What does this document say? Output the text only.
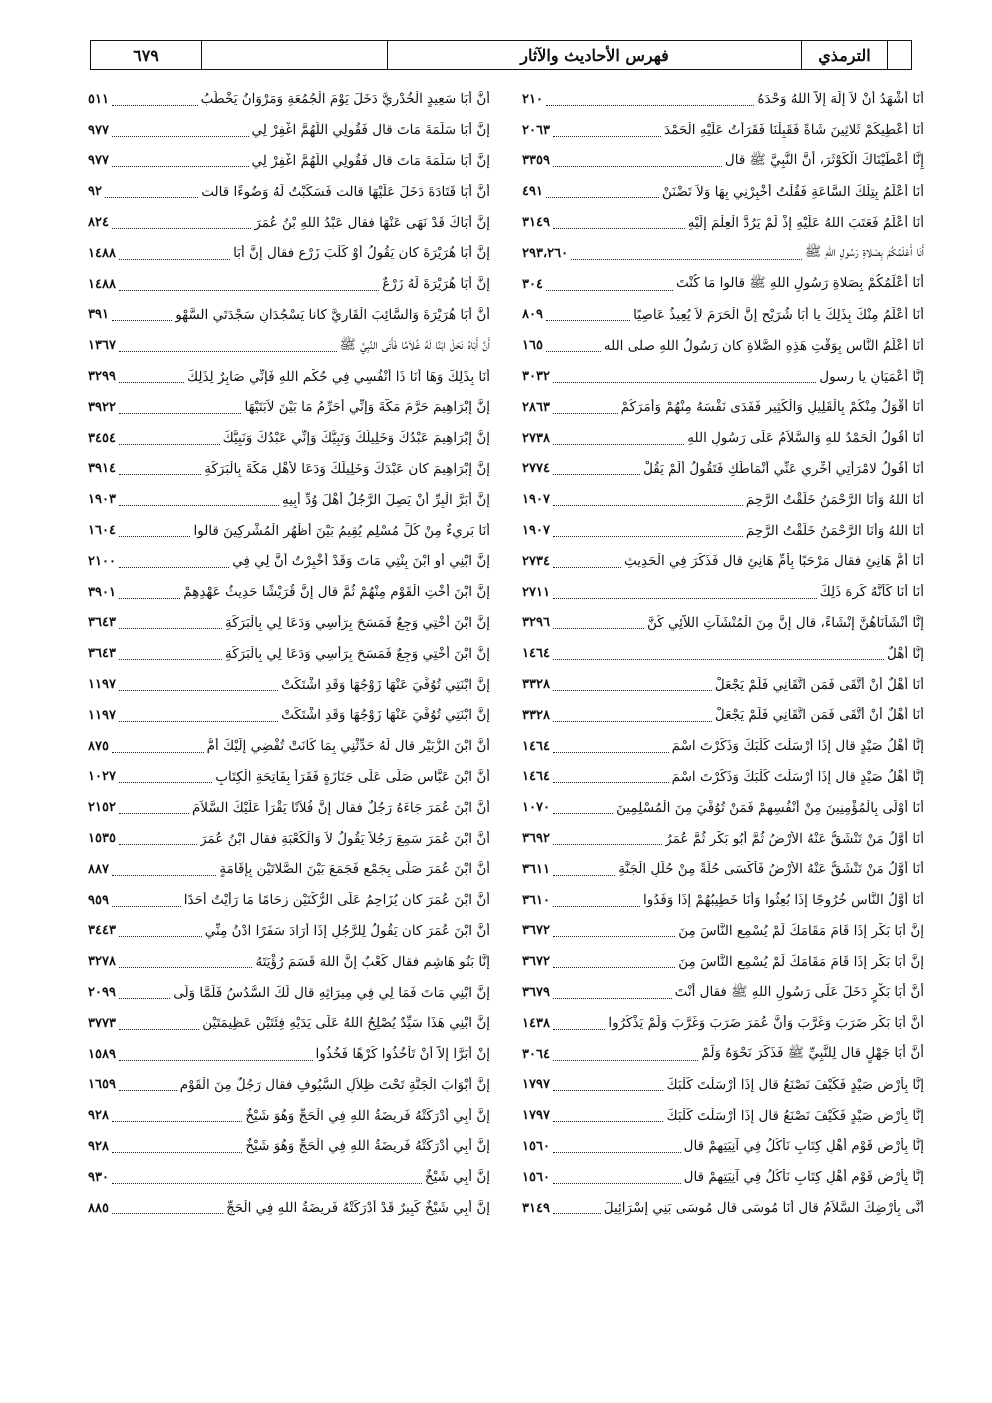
الترمذي
فهرس الأحاديث والآثار
٦٧٩
أَنَا أَشْهَدُ أَنْ لاَ إِلَهَ إِلاَّ اللهُ وَحْدَهُ
٢١٠
أَنَا أُعْطِيكُمْ ثَلاثِينَ شَاةً فَقَبِلْنَا فَقَرَأْتُ عَلَيْهِ الْحَمْدَ
٢٠٦٣
إِنَّا أَعْطَيْنَاكَ الْكَوْثَرَ، أَنَّ النَّبِيَّ ﷺ قال
٣٣٥٩
أَنَا أَعْلَمُ بِتِلْكَ السَّاعَةِ فَقُلْتُ أَخْبِرْنِي بِهَا وَلاَ تَضْنَنْ
٤٩١
أَنَا أَعْلَمُ فَعَتَبَ اللهُ عَلَيْهِ إِذْ لَمْ يَرُدَّ الْعِلْمَ إِلَيْهِ
٣١٤٩
أَنَا أَعْلَمُكُمْ بِصَلاةِ رَسُولِ اللهِ ﷺ
٢٩٣،٢٦٠
أَنَا أَعْلَمُكُمْ بِصَلاةِ رَسُولِ اللهِ ﷺ قالوا مَا كُنْتَ
٣٠٤
أَنَا أَعْلَمُ مِنْكَ بِذَلِكَ يا أَبَا شُرَيْحٍ إِنَّ الْحَرَمَ لاَ يُعِيذُ عَاصِيًا
٨٠٩
أَنَا أَعْلَمُ النَّاسِ بِوَقْتِ هَذِهِ الصَّلاةِ كان رَسُولُ اللهِ صلى الله
١٦٥
إِنَّا أَعْمَيَانِ يا رسول
٣٠٣٢
أَنَا أَقْوَلُ مِنْكُمْ بِالْقَلِيلِ وَالْكَثِيرِ فَفَدَى نَفْسَهُ مِنْهُمْ وَأَمَرَكُمْ
٢٨٦٣
أَنَا أَقُولُ الْحَمْدُ للهِ وَالسَّلاَمُ عَلَى رَسُولِ اللهِ
٢٧٣٨
أَنَا أَقُولُ لامْرَأَتِي أَخِّرِي عَنِّي أَنْمَاطَكِ فَتَقُولُ أَلَمْ يَقُلْ
٢٧٧٤
أَنَا اللهُ وَأَنَا الرَّحْمَنُ خَلَقْتُ الرَّحِمَ
١٩٠٧
أَنَا اللهُ وَأَنَا الرَّحْمَنُ خَلَقْتُ الرَّحِمَ
١٩٠٧
أَنَا أُمُّ هَانِئٍ فقال مَرْحَبًا بِأُمِّ هَانِئٍ قال فَذَكَرَ فِي الْحَدِيثِ
٢٧٣٤
أَنَا أَنَا كَأَنَّهُ كَرِهَ ذَلِكَ
٢٧١١
إِنَّا أَنْشَأْنَاهُنَّ إِنْشَاءً، قال إِنَّ مِنَ الْمُنْشَآتِ اللاَّئِي كُنَّ
٣٢٩٦
إِنَّا أَهْلٌ
١٤٦٤
أَنَا أَهْلٌ أَنْ أُتَّقَى فَمَنِ اتَّقَانِي فَلَمْ يَجْعَلْ
٣٣٢٨
أَنَا أَهْلٌ أَنْ أُتَّقَى فَمَنِ اتَّقَانِي فَلَمْ يَجْعَلْ
٣٣٢٨
إِنَّا أَهْلُ صَيْدٍ قال إِذَا أَرْسَلْتَ كَلْبَكَ وَذَكَرْتَ اسْمَ
١٤٦٤
إِنَّا أَهْلُ صَيْدٍ قال إِذَا أَرْسَلْتَ كَلْبَكَ وَذَكَرْتَ اسْمَ
١٤٦٤
أَنَا أَوْلَى بِالْمُؤْمِنِينَ مِنْ أَنْفُسِهِمْ فَمَنْ تُوُفِّيَ مِنَ الْمُسْلِمِينَ
١٠٧٠
أَنَا أَوَّلُ مَنْ تَنْشَقُّ عَنْهُ الأَرْضُ ثُمَّ أَبُو بَكْرٍ ثُمَّ عُمَرُ
٣٦٩٢
أَنَا أَوَّلُ مَنْ تَنْشَقُّ عَنْهُ الأَرْضُ فَأُكْسَى حُلَّةً مِنْ حُلَلِ الْجَنَّةِ
٣٦١١
أَنَا أَوَّلُ النَّاسِ خُرُوجًا إِذَا بُعِثُوا وَأَنَا خَطِيبُهُمْ إِذَا وَفَدُوا
٣٦١٠
إِنَّ أَبَا بَكْرٍ إِذَا قَامَ مَقَامَكَ لَمْ يُسْمِعِ النَّاسَ مِنَ
٣٦٧٢
إِنَّ أَبَا بَكْرٍ إِذَا قَامَ مَقَامَكَ لَمْ يُسْمِعِ النَّاسَ مِنَ
٣٦٧٢
أَنَّ أَبَا بَكْرٍ دَخَلَ عَلَى رَسُولِ اللهِ ﷺ فقال أَنْتَ
٣٦٧٩
أَنَّ أَبَا بَكْرٍ ضَرَبَ وَغَرَّبَ وَأَنَّ عُمَرَ ضَرَبَ وَغَرَّبَ وَلَمْ يَذْكُرُوا
١٤٣٨
أَنَّ أَبَا جَهْلٍ قال لِلنَّبِيِّ ﷺ فَذَكَرَ نَحْوَهُ وَلَمْ
٣٠٦٤
إِنَّا بِأَرْضِ صَيْدٍ فَكَيْفَ نَصْنَعُ قال إِذَا أَرْسَلْتَ كَلْبَكَ
١٧٩٧
إِنَّا بِأَرْضِ صَيْدٍ فَكَيْفَ نَصْنَعُ قال إِذَا أَرْسَلْتَ كَلْبَكَ
١٧٩٧
إِنَّا بِأَرْضِ قَوْمٍ أَهْلِ كِتَابٍ نَأْكُلُ فِي آنِيَتِهِمْ قال
١٥٦٠
إِنَّا بِأَرْضِ قَوْمٍ أَهْلِ كِتَابٍ نَأْكُلُ فِي آنِيَتِهِمْ قال
١٥٦٠
أَنَّى بِأَرْضِكَ السَّلاَمُ قال أَنَا مُوسَى قال مُوسَى بَنِي إِسْرَائِيلَ
٣١٤٩
أَنَّ أَبَا سَعِيدٍ الْخُدْرِيَّ دَخَلَ يَوْمَ الْجُمُعَةِ وَمَرْوَانُ يَخْطُبُ
٥١١
إِنَّ أَبَا سَلَمَةَ مَاتَ قال فَقُولِي اللَّهُمَّ اغْفِرْ لِي
٩٧٧
إِنَّ أَبَا سَلَمَةَ مَاتَ قال فَقُولِي اللَّهُمَّ اغْفِرْ لِي
٩٧٧
أَنَّ أَبَا قَتَادَةَ دَخَلَ عَلَيْهَا قالت فَسَكَبْتُ لَهُ وَضُوءًا قالت
٩٢
إِنَّ أَبَاكَ قَدْ نَهَى عَنْهَا فقال عَبْدُ اللهِ بْنُ عُمَرَ
٨٢٤
إِنَّ أَبَا هُرَيْرَةَ كان يَقُولُ أَوْ كَلْبَ زَرْعٍ فقال إِنَّ أَبَا
١٤٨٨
إِنَّ أَبَا هُرَيْرَةَ لَهُ زَرْعٌ
١٤٨٨
أَنَّ أَبَا هُرَيْرَةَ وَالسَّائِبَ الْقَارِيَّ كانا يَسْجُدَانِ سَجْدَتَيِ السَّهْوِ
٣٩١
أَنَّ أَبَاهُ نَحَلَ ابْنًا لَهُ غُلاَمًا فَأَتَى النَّبِيَّ ﷺ
١٣٦٧
أَنَا بِذَلِكَ وَهَا أَنَا ذَا أَنْفُسِي فِي حُكْمِ اللهِ فَإِنِّي صَابِرٌ لِذَلِكَ
٣٢٩٩
إِنَّ إِبْرَاهِيمَ حَرَّمَ مَكَّةَ وَإِنِّي أُحَرِّمُ مَا بَيْنَ لاَبَتَيْهَا
٣٩٢٢
إِنَّ إِبْرَاهِيمَ عَبْدُكَ وَخَلِيلُكَ وَنَبِيُّكَ وَإِنِّي عَبْدُكَ وَنَبِيُّكَ
٣٤٥٤
إِنَّ إِبْرَاهِيمَ كان عَبْدَكَ وَخَلِيلَكَ وَدَعَا لأَهْلِ مَكَّةَ بِالْبَرَكَةِ
٣٩١٤
إِنَّ أَبَرَّ الْبِرِّ أَنْ يَصِلَ الرَّجُلُ أَهْلَ وُدِّ أَبِيهِ
١٩٠٣
أَنَا بَرِيءٌ مِنْ كُلِّ مُسْلِمٍ يُقِيمُ بَيْنَ أَظْهُرِ الْمُشْرِكِينَ قالوا
١٦٠٤
إِنَّ ابْنِي أَوِ ابْنَ بِنْتِي مَاتَ وَقَدْ أُخْبِرْتُ أَنَّ لِي فِي
٢١٠٠
إِنَّ ابْنَ أُخْتِ الْقَوْمِ مِنْهُمْ ثُمَّ قال إِنَّ قُرَيْشًا حَدِيثُ عَهْدِهِمْ
٣٩٠١
إِنَّ ابْنَ أُخْتِي وَجِعٌ فَمَسَحَ بِرَأْسِي وَدَعَا لِي بِالْبَرَكَةِ
٣٦٤٣
إِنَّ ابْنَ أُخْتِي وَجِعٌ فَمَسَحَ بِرَأْسِي وَدَعَا لِي بِالْبَرَكَةِ
٣٦٤٣
إِنَّ ابْنَتِي تُوُفِّيَ عَنْهَا زَوْجُهَا وَقَدِ اشْتَكَتْ
١١٩٧
إِنَّ ابْنَتِي تُوُفِّيَ عَنْهَا زَوْجُهَا وَقَدِ اشْتَكَتْ
١١٩٧
أَنَّ ابْنَ الزُّبَيْرِ قال لَهُ حَدِّثْنِي بِمَا كَانَتْ تُفْضِي إِلَيْكَ أُمُّ
٨٧٥
أَنَّ ابْنَ عَبَّاسٍ صَلَّى عَلَى جَنَازَةٍ فَقَرَأَ بِفَاتِحَةِ الْكِتَابِ
١٠٢٧
أَنَّ ابْنَ عُمَرَ جَاءَهُ رَجُلٌ فقال إِنَّ فُلاَنًا يَقْرَأُ عَلَيْكَ السَّلاَمَ
٢١٥٢
أَنَّ ابْنَ عُمَرَ سَمِعَ رَجُلاً يَقُولُ لاَ وَالْكَعْبَةِ فقال ابْنُ عُمَرَ
١٥٣٥
أَنَّ ابْنَ عُمَرَ صَلَّى بِجَمْعٍ فَجَمَعَ بَيْنَ الصَّلاتَيْنِ بِإِقَامَةٍ
٨٨٧
أَنَّ ابْنَ عُمَرَ كان يُزَاحِمُ عَلَى الرُّكْنَيْنِ زِحَامًا مَا رَأَيْتُ أَحَدًا
٩٥٩
أَنَّ ابْنَ عُمَرَ كان يَقُولُ لِلرَّجُلِ إِذَا أَرَادَ سَفَرًا ادْنُ مِنِّي
٣٤٤٣
إِنَّا بَنُو هَاشِمٍ فقال كَعْبٌ إِنَّ اللهَ قَسَمَ رُؤْيَتَهُ
٣٢٧٨
إِنَّ ابْنِي مَاتَ فَمَا لِي فِي مِيرَاثِهِ قال لَكَ السُّدُسُ فَلَمَّا وَلَّى
٢٠٩٩
إِنَّ ابْنِي هَذَا سَيِّدٌ يُصْلِحُ اللهُ عَلَى يَدَيْهِ فِئَتَيْنِ عَظِيمَتَيْنِ
٣٧٧٣
إِنْ أَبَرَّا إِلاَّ أَنْ تَأْخُذُوا كَرْهًا فَخُذُوا
١٥٨٩
إِنَّ أَبْوَابَ الْجَنَّةِ تَحْتَ ظِلاَلِ السُّيُوفِ فقال رَجُلٌ مِنَ الْقَوْمِ
١٦٥٩
إِنَّ أَبِي أَدْرَكَتْهُ فَرِيضَةُ اللهِ فِي الْحَجِّ وَهُوَ شَيْخٌ
٩٢٨
إِنَّ أَبِي أَدْرَكَتْهُ فَرِيضَةُ اللهِ فِي الْحَجِّ وَهُوَ شَيْخٌ
٩٢٨
إِنَّ أَبِي شَيْخٌ
٩٣٠
إِنَّ أَبِي شَيْخٌ كَبِيرٌ قَدْ أَدْرَكَتْهُ فَرِيضَةُ اللهِ فِي الْحَجِّ
٨٨٥
